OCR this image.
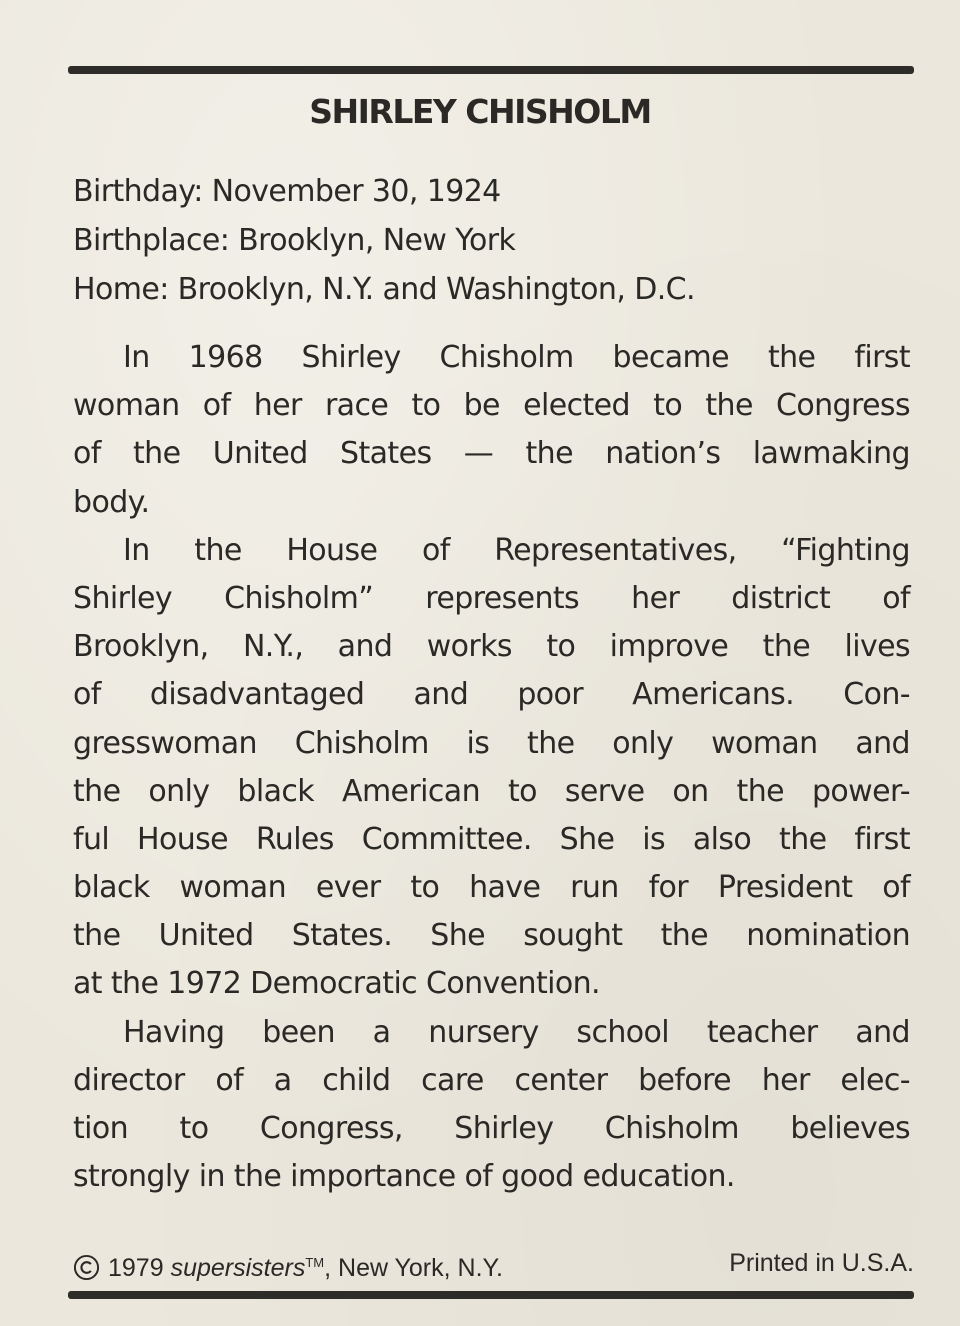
SHIRLEY CHISHOLM
Birthday: November 30, 1924
Birthplace: Brooklyn, New York
Home: Brooklyn, N.Y. and Washington, D.C.
In 1968 Shirley Chisholm became the first
woman of her race to be elected to the Congress
of the United States — the nation’s lawmaking
body.
In the House of Representatives, “Fighting
Shirley Chisholm” represents her district of
Brooklyn, N.Y., and works to improve the lives
of disadvantaged and poor Americans. Con-
gresswoman Chisholm is the only woman and
the only black American to serve on the power-
ful House Rules Committee. She is also the first
black woman ever to have run for President of
the United States. She sought the nomination
at the 1972 Democratic Convention.
Having been a nursery school teacher and
director of a child care center before her elec-
tion to Congress, Shirley Chisholm believes
strongly in the importance of good education.
1979 supersisters™, New York, N.Y.	Printed in U.S.A.
